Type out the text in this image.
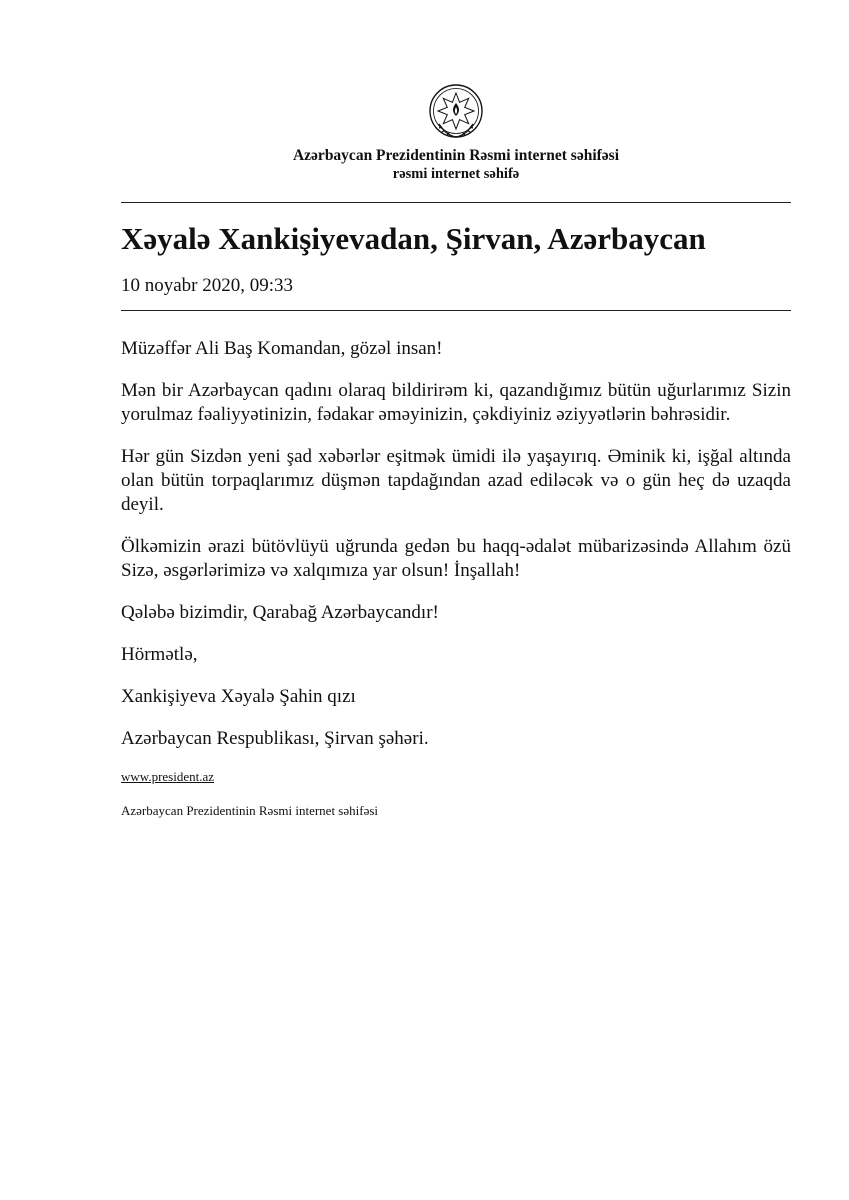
Azərbaycan Prezidentinin Rəsmi internet səhifəsi
rəsmi internet səhifə
Xəyalə Xankişiyevadan, Şirvan, Azərbaycan
10 noyabr 2020, 09:33

Müzəffər Ali Baş Komandan, gözəl insan!

Mən bir Azərbaycan qadını olaraq bildirirəm ki, qazandığımız bütün uğurlarımız Sizin yorulmaz fəaliyyətinizin, fədakar əməyinizin, çəkdiyiniz əziyyətlərin bəhrəsidir.

Hər gün Sizdən yeni şad xəbərlər eşitmək ümidi ilə yaşayırıq. Əminik ki, işğal altında olan bütün torpaqlarımız düşmən tapdağından azad ediləcək və o gün heç də uzaqda deyil.

Ölkəmizin ərazi bütövlüyü uğrunda gedən bu haqq-ədalət mübarizəsində Allahım özü Sizə, əsgərlərimizə və xalqımıza yar olsun! İnşallah!

Qələbə bizimdir, Qarabağ Azərbaycandır!

Hörmətlə,

Xankişiyeva Xəyalə Şahin qızı

Azərbaycan Respublikası, Şirvan şəhəri.

www.president.az
Azərbaycan Prezidentinin Rəsmi internet səhifəsi
